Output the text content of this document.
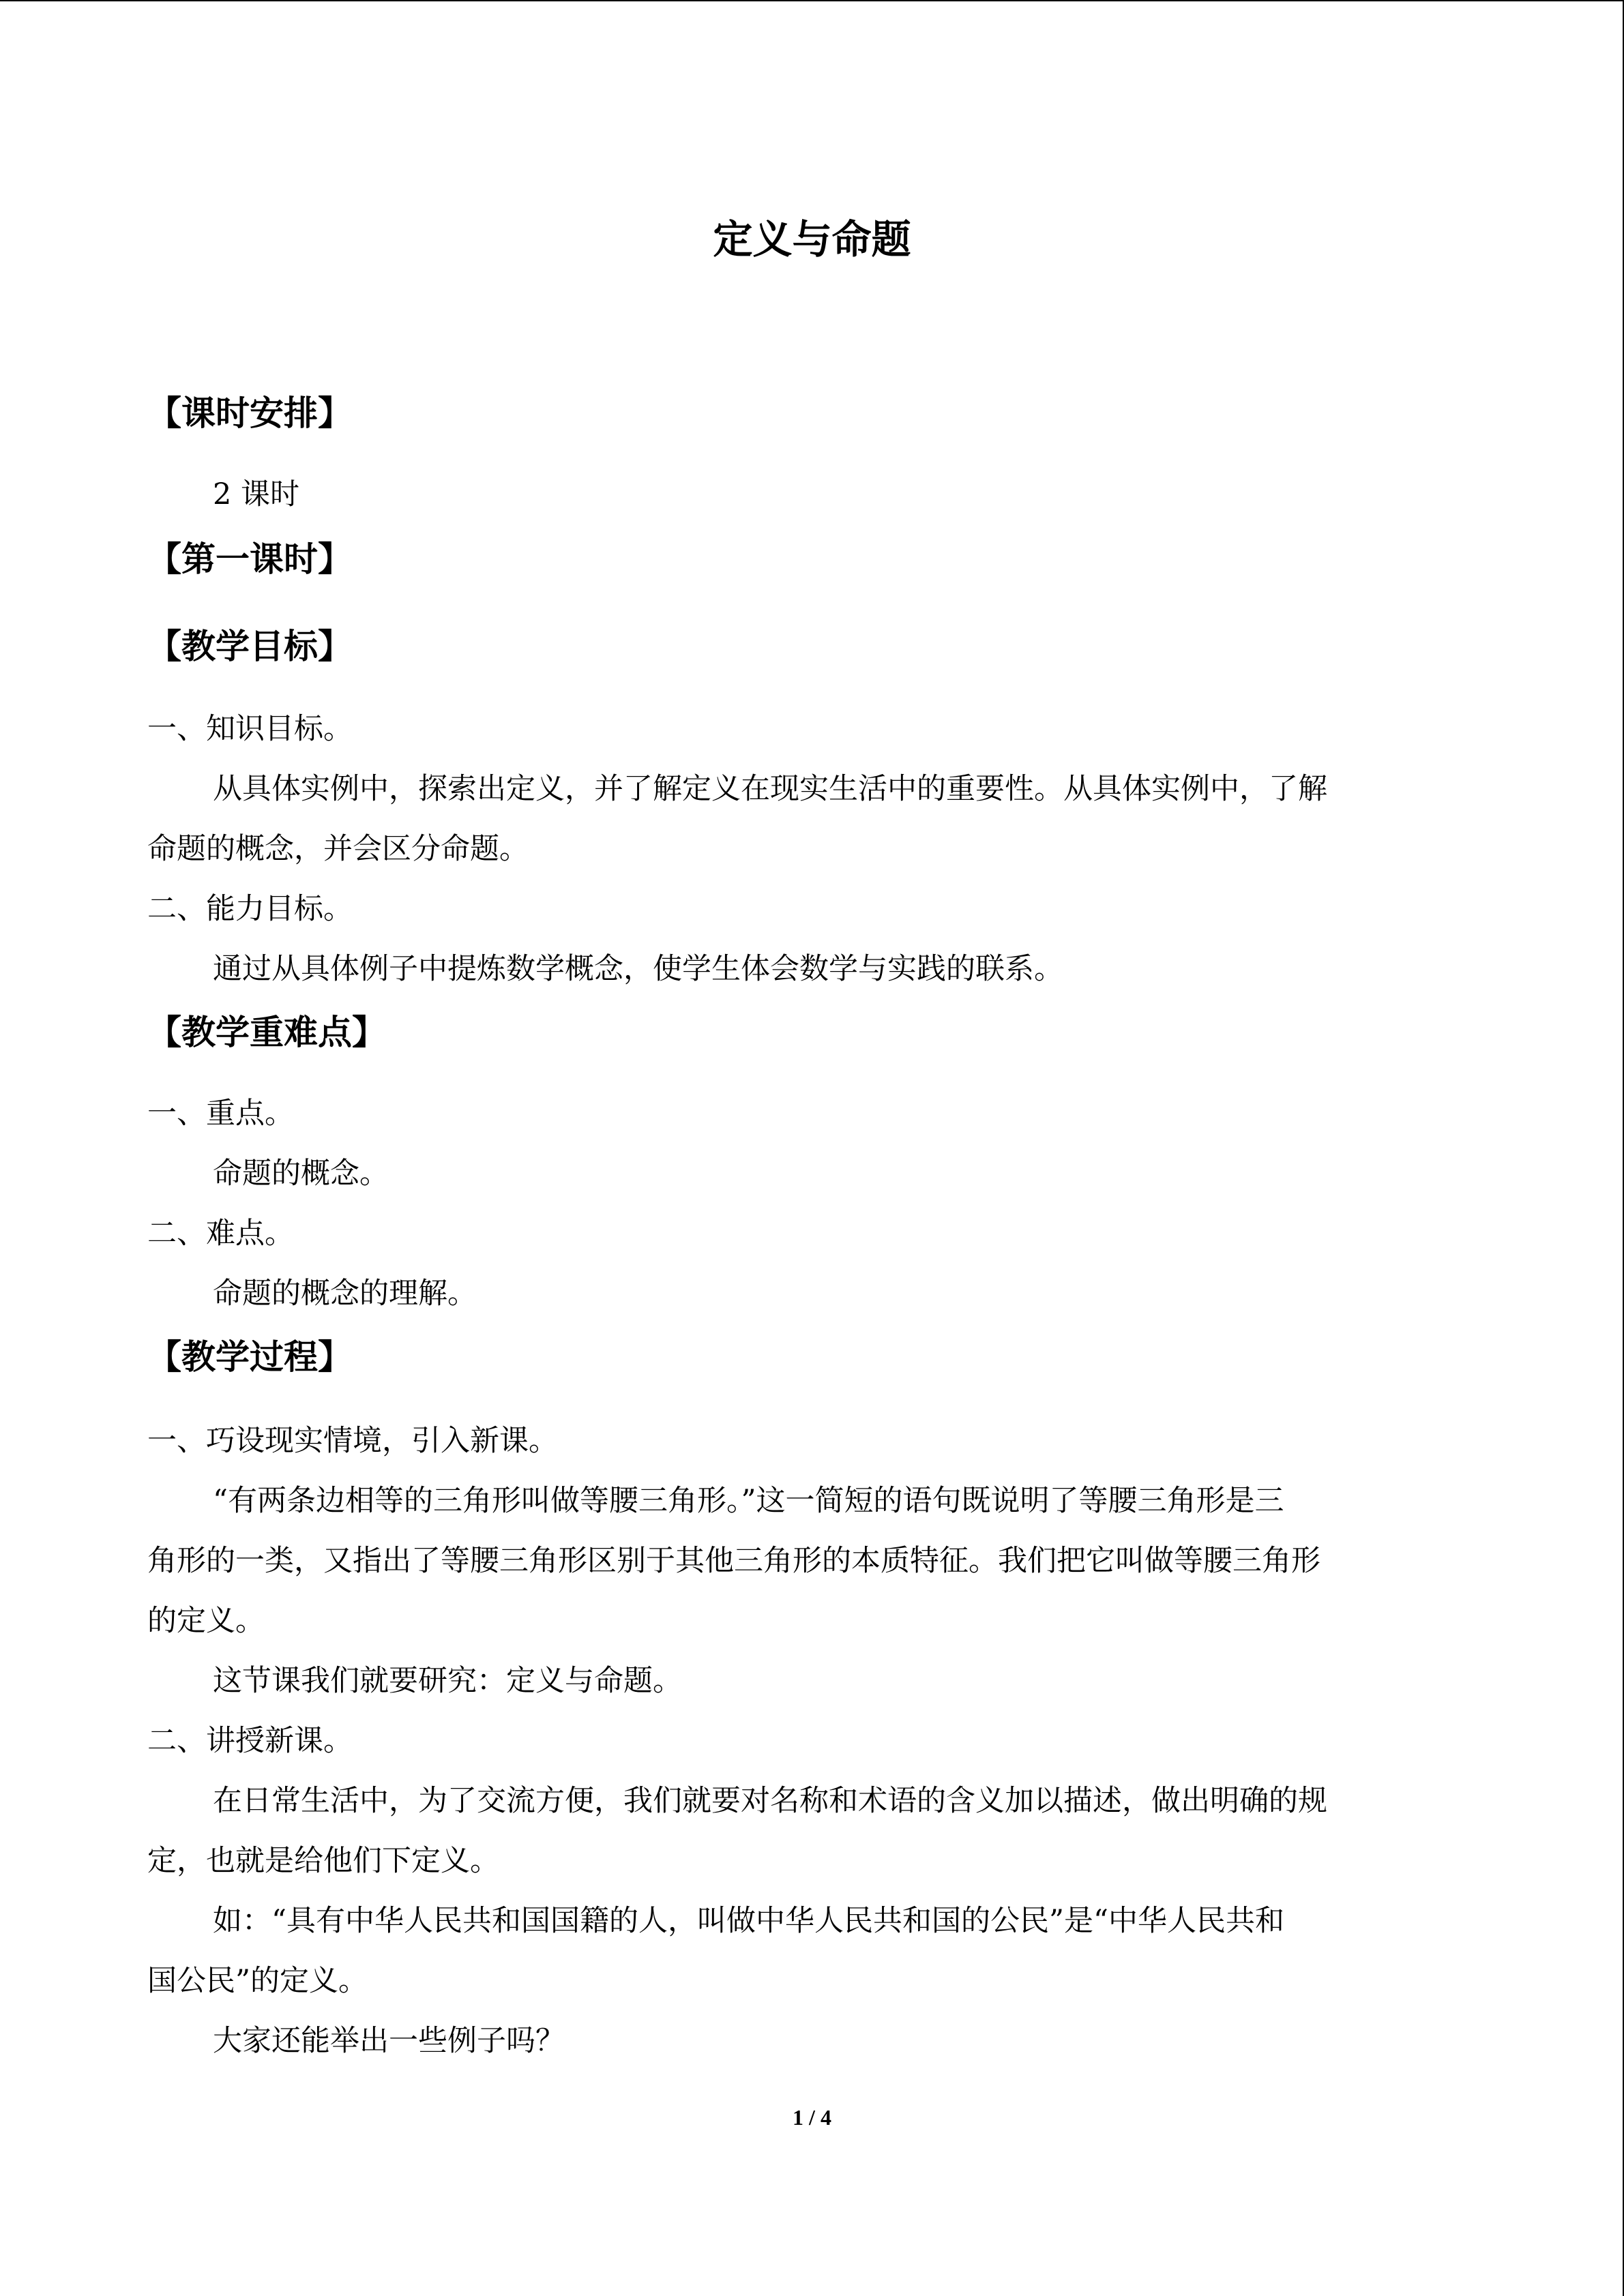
定义与命题
【课时安排】
2 课时
【第一课时】
【教学目标】
一、知识目标。
从具体实例中，探索出定义，并了解定义在现实生活中的重要性。从具体实例中，了解
命题的概念，并会区分命题。
二、能力目标。
通过从具体例子中提炼数学概念，使学生体会数学与实践的联系。
【教学重难点】
一、重点。
命题的概念。
二、难点。
命题的概念的理解。
【教学过程】
一、巧设现实情境，引入新课。
“有两条边相等的三角形叫做等腰三角形。”这一简短的语句既说明了等腰三角形是三
角形的一类，又指出了等腰三角形区别于其他三角形的本质特征。我们把它叫做等腰三角形
的定义。
这节课我们就要研究：定义与命题。
二、讲授新课。
在日常生活中，为了交流方便，我们就要对名称和术语的含义加以描述，做出明确的规
定，也就是给他们下定义。
如：“具有中华人民共和国国籍的人，叫做中华人民共和国的公民”是“中华人民共和
国公民”的定义。
大家还能举出一些例子吗？
1 / 4
